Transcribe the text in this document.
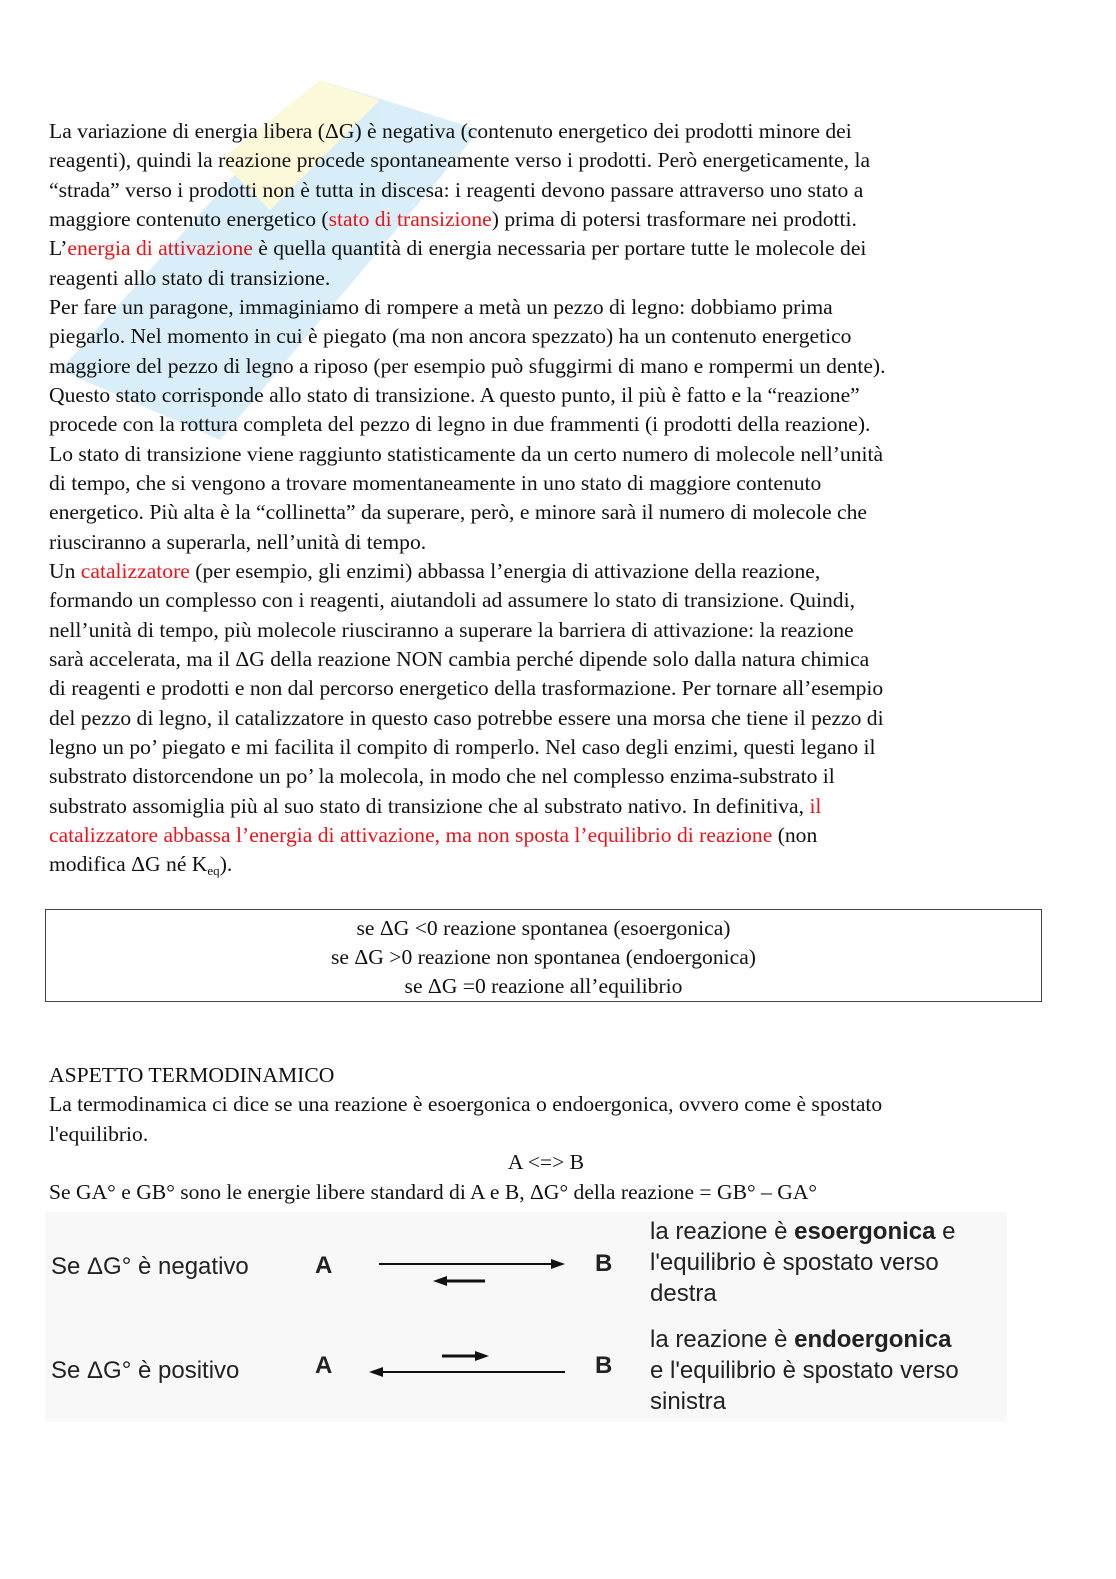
La variazione di energia libera (ΔG) è negativa (contenuto energetico dei prodotti minore dei
reagenti), quindi la reazione procede spontaneamente verso i prodotti. Però energeticamente, la
“strada” verso i prodotti non è tutta in discesa: i reagenti devono passare attraverso uno stato a
maggiore contenuto energetico (stato di transizione) prima di potersi trasformare nei prodotti.
L’energia di attivazione è quella quantità di energia necessaria per portare tutte le molecole dei
reagenti allo stato di transizione.
Per fare un paragone, immaginiamo di rompere a metà un pezzo di legno: dobbiamo prima
piegarlo. Nel momento in cui è piegato (ma non ancora spezzato) ha un contenuto energetico
maggiore del pezzo di legno a riposo (per esempio può sfuggirmi di mano e rompermi un dente).
Questo stato corrisponde allo stato di transizione. A questo punto, il più è fatto e la “reazione”
procede con la rottura completa del pezzo di legno in due frammenti (i prodotti della reazione).
Lo stato di transizione viene raggiunto statisticamente da un certo numero di molecole nell’unità
di tempo, che si vengono a trovare momentaneamente in uno stato di maggiore contenuto
energetico. Più alta è la “collinetta” da superare, però, e minore sarà il numero di molecole che
riusciranno a superarla, nell’unità di tempo.
Un catalizzatore (per esempio, gli enzimi) abbassa l’energia di attivazione della reazione,
formando un complesso con i reagenti, aiutandoli ad assumere lo stato di transizione. Quindi,
nell’unità di tempo, più molecole riusciranno a superare la barriera di attivazione: la reazione
sarà accelerata, ma il ΔG della reazione NON cambia perché dipende solo dalla natura chimica
di reagenti e prodotti e non dal percorso energetico della trasformazione. Per tornare all’esempio
del pezzo di legno, il catalizzatore in questo caso potrebbe essere una morsa che tiene il pezzo di
legno un po’ piegato e mi facilita il compito di romperlo. Nel caso degli enzimi, questi legano il
substrato distorcendone un po’ la molecola, in modo che nel complesso enzima-substrato il
substrato assomiglia più al suo stato di transizione che al substrato nativo. In definitiva, il
catalizzatore abbassa l’energia di attivazione, ma non sposta l’equilibrio di reazione (non
modifica ΔG né $K_{eq}$).
se ΔG <0 reazione spontanea (esoergonica)
se ΔG >0 reazione non spontanea (endoergonica)
se ΔG =0 reazione all’equilibrio
ASPETTO TERMODINAMICO
La termodinamica ci dice se una reazione è esoergonica o endoergonica, ovvero come è spostato
l'equilibrio.
A <=> B
Se GA° e GB° sono le energie libere standard di A e B, ΔG° della reazione = GB° – GA°
Se ΔG° è negativo	A	B
la reazione è esoergonica e
l'equilibrio è spostato verso
destra
Se ΔG° è positivo	A	B
la reazione è endoergonica
e l'equilibrio è spostato verso
sinistra
